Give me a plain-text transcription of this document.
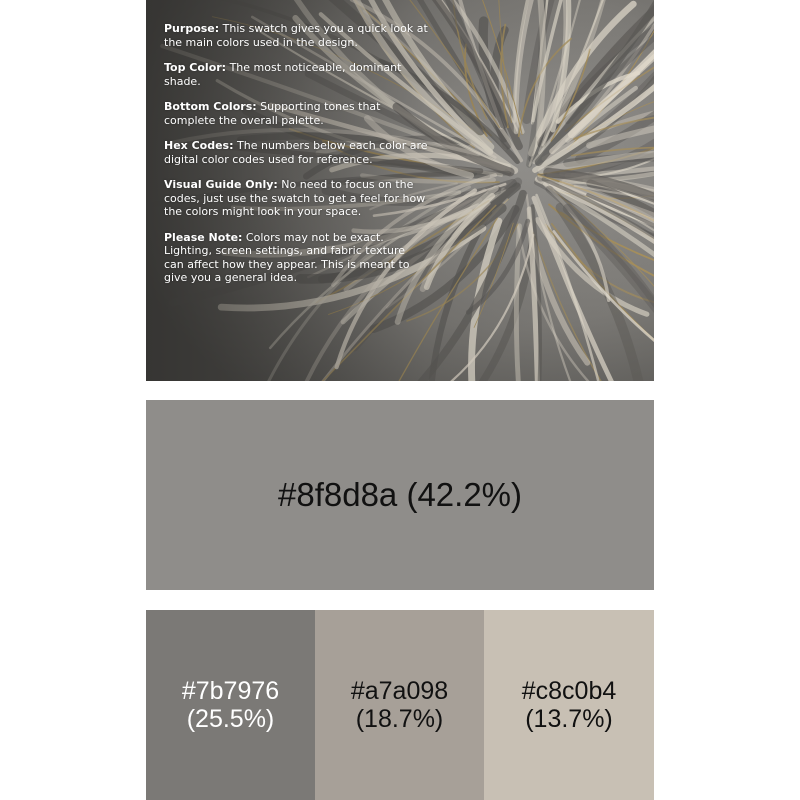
Purpose: This swatch gives you a quick look at the main colors used in the design.

Top Color: The most noticeable, dominant shade.

Bottom Colors: Supporting tones that complete the overall palette.

Hex Codes: The numbers below each color are digital color codes used for reference.

Visual Guide Only: No need to focus on the codes, just use the swatch to get a feel for how the colors might look in your space.

Please Note: Colors may not be exact. Lighting, screen settings, and fabric texture can affect how they appear. This is meant to give you a general idea.

#8f8d8a (42.2%)
#7b7976
(25.5%)
#a7a098
(18.7%)
#c8c0b4
(13.7%)
